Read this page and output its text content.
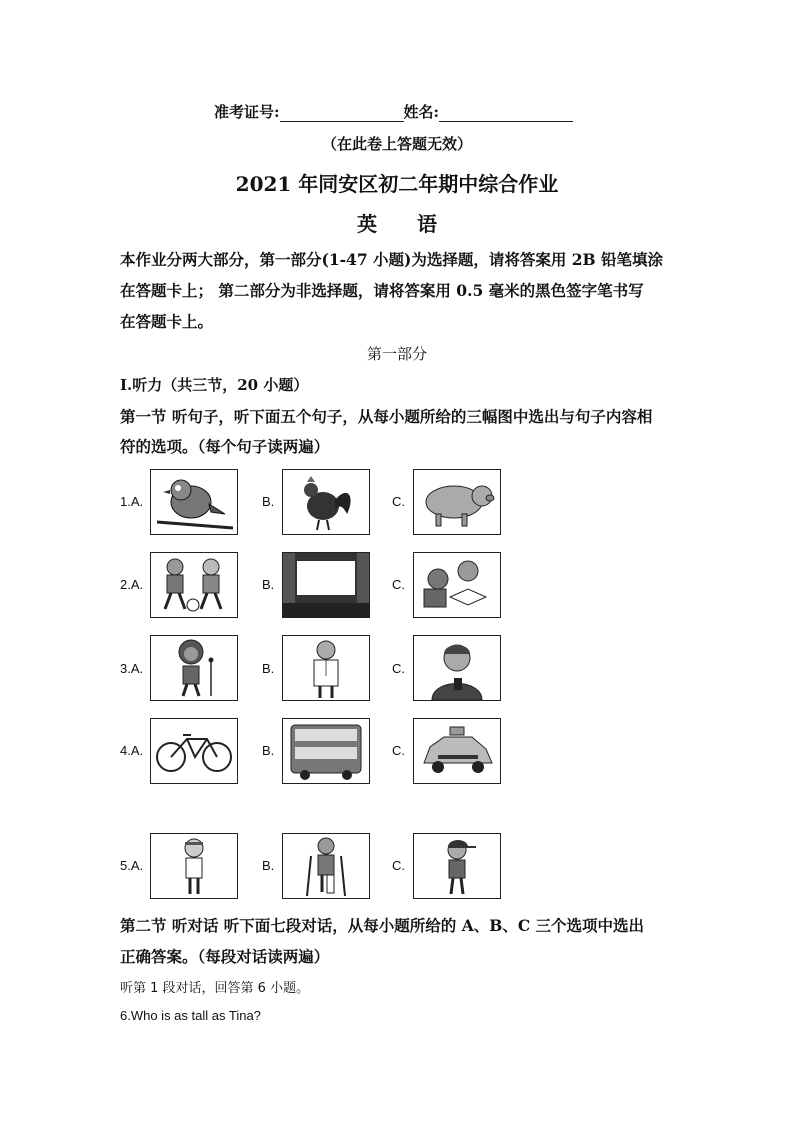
准考证号:	姓名:
（在此卷上答题无效）
2021 年同安区初二年期中综合作业
英　　语
本作业分两大部分，第一部分(1-47 小题)为选择题，请将答案用 2B 铅笔填涂
在答题卡上； 第二部分为非选择题，请将答案用 0.5 毫米的黑色签字笔书写
在答题卡上。
第一部分
Ⅰ.听力（共三节，20 小题）
第一节 听句子，听下面五个句子，从每小题所给的三幅图中选出与句子内容相
符的选项。（每个句子读两遍）
1.A.	B.	C.
2.A.	B.	C.
3.A.	B.	C.
4.A.	B.	C.
5.A.	B.	C.
第二节 听对话 听下面七段对话，从每小题所给的 A、B、C 三个选项中选出
正确答案。（每段对话读两遍）
听第 1 段对话，回答第 6 小题。
6.Who is as tall as Tina?
